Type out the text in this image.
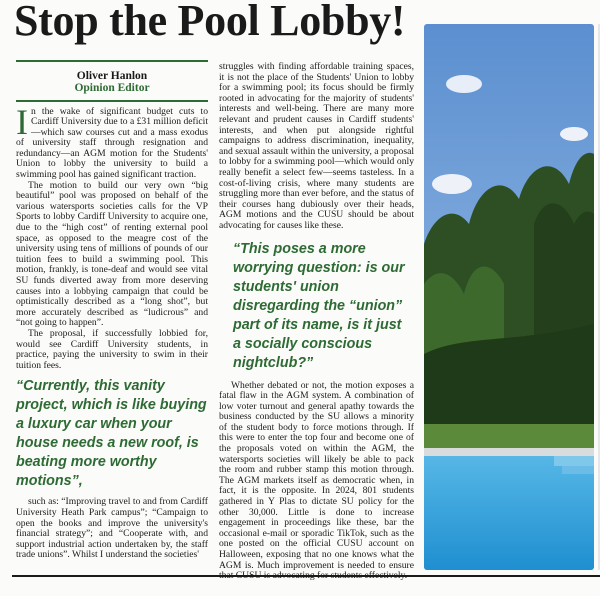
Stop the Pool Lobby!
Oliver Hanlon
Opinion Editor

In the wake of significant budget cuts to Cardiff University due to a £31 million deficit—which saw courses cut and a mass exodus of university staff through resignation and redundancy—an AGM motion for the Students' Union to lobby the university to build a swimming pool has gained significant traction.

The motion to build our very own “big beautiful” pool was proposed on behalf of the various watersports societies calls for the VP Sports to lobby Cardiff University to acquire one, due to the “high cost” of renting external pool space, as opposed to the meagre cost of the university using tens of millions of pounds of our tuition fees to build a swimming pool. This motion, frankly, is tone-deaf and would see vital SU funds diverted away from more deserving causes into a lobbying campaign that could be optimistically described as a “long shot”, but more accurately described as “ludicrous” and “not going to happen”.

The proposal, if successfully lobbied for, would see Cardiff University students, in practice, paying the university to swim in their tuition fees.

“Currently, this vanity project, which is like buying a luxury car when your house needs a new roof, is beating more worthy motions”,

such as: “Improving travel to and from Cardiff University Heath Park campus”; “Campaign to open the books and improve the university's financial strategy”; and “Cooperate with, and support industrial action undertaken by, the staff trade unions”. Whilst I understand the societies'

struggles with finding affordable training spaces, it is not the place of the Students' Union to lobby for a swimming pool; its focus should be firmly rooted in advocating for the majority of students' interests and well-being. There are many more relevant and prudent causes in Cardiff students' interests, and when put alongside rightful campaigns to address discrimination, inequality, and sexual assault within the university, a proposal to lobby for a swimming pool—which would only really benefit a select few—seems tasteless. In a cost-of-living crisis, where many students are struggling more than ever before, and the status of their courses hang dubiously over their heads, AGM motions and the CUSU should be about advocating for causes like these.

“This poses a more worrying question: is our students' union disregarding the “union” part of its name, is it just a socially conscious nightclub?”

Whether debated or not, the motion exposes a fatal flaw in the AGM system. A combination of low voter turnout and general apathy towards the business conducted by the SU allows a minority of the student body to force motions through. If this were to enter the top four and become one of the proposals voted on within the AGM, the watersports societies will likely be able to pack the room and rubber stamp this motion through. The AGM markets itself as democratic when, in fact, it is the opposite. In 2024, 801 students gathered in Y Plas to dictate SU policy for the other 30,000. Little is done to increase engagement in proceedings like these, bar the occasional e-mail or sporadic TikTok, such as the one posted on the official CUSU account on Halloween, exposing that no one knows what the AGM is. Much improvement is needed to ensure
